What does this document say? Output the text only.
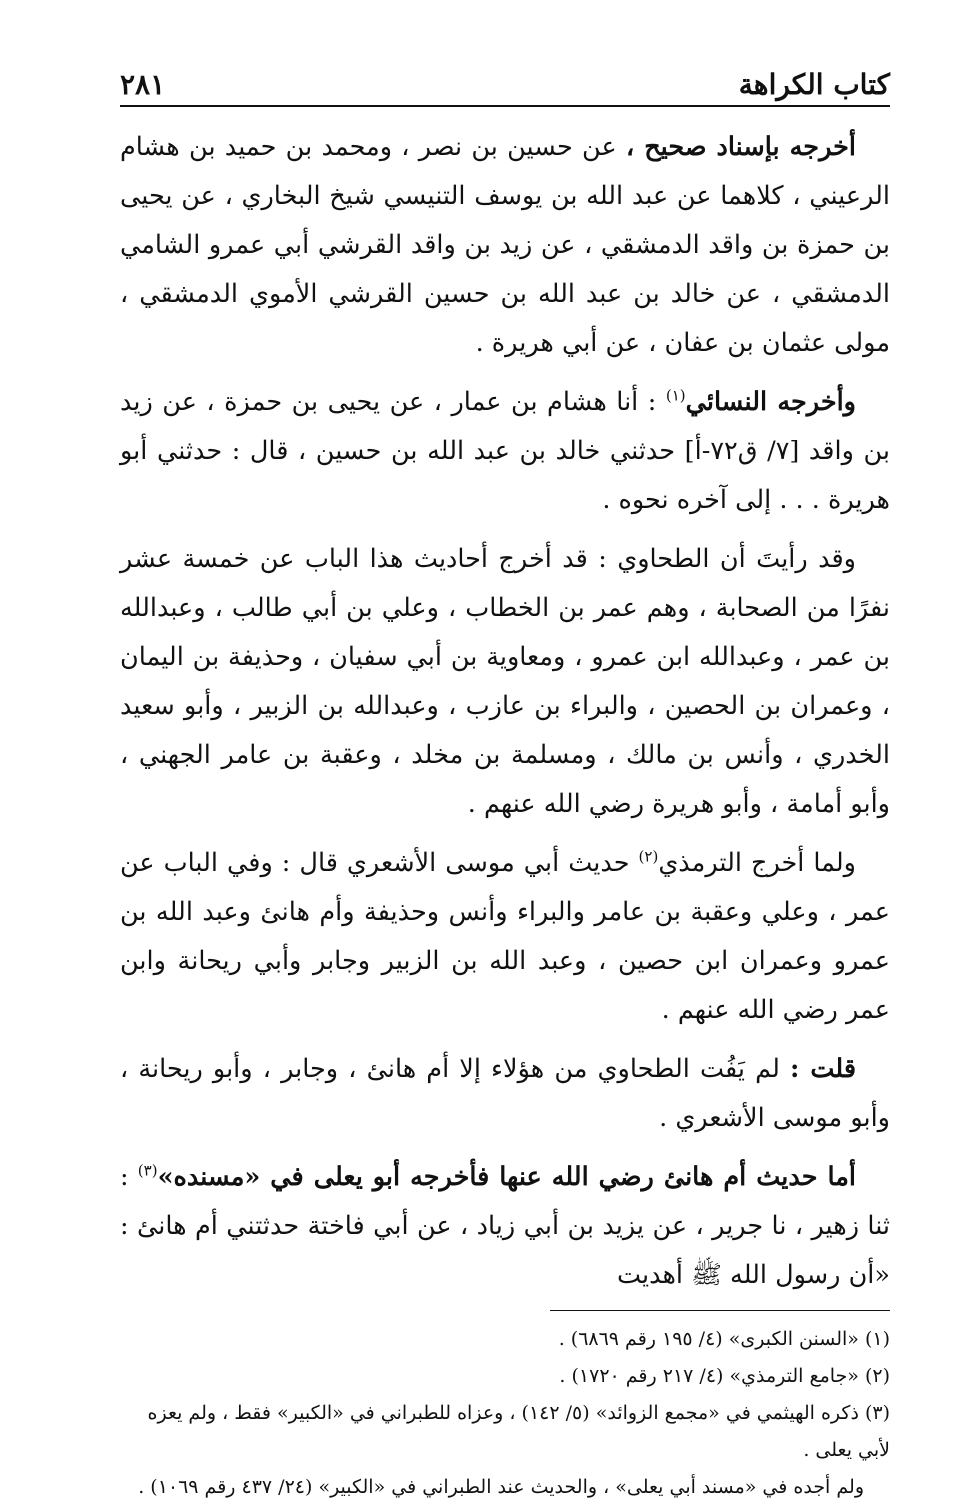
كتاب الكراهة
٢٨١

أخرجه بإسناد صحيح ، عن حسين بن نصر ، ومحمد بن حميد بن هشام الرعيني ، كلاهما عن عبد الله بن يوسف التنيسي شيخ البخاري ، عن يحيى بن حمزة بن واقد الدمشقي ، عن زيد بن واقد القرشي أبي عمرو الشامي الدمشقي ، عن خالد بن عبد الله بن حسين القرشي الأموي الدمشقي ، مولى عثمان بن عفان ، عن أبي هريرة .

وأخرجه النسائي$^{(١)}$ : أنا هشام بن عمار ، عن يحيى بن حمزة ، عن زيد بن واقد [٧/ ق٧٢-أ] حدثني خالد بن عبد الله بن حسين ، قال : حدثني أبو هريرة . . . إلى آخره نحوه .

وقد رأيتَ أن الطحاوي : قد أخرج أحاديث هذا الباب عن خمسة عشر نفرًا من الصحابة ، وهم عمر بن الخطاب ، وعلي بن أبي طالب ، وعبدالله بن عمر ، وعبدالله ابن عمرو ، ومعاوية بن أبي سفيان ، وحذيفة بن اليمان ، وعمران بن الحصين ، والبراء بن عازب ، وعبدالله بن الزبير ، وأبو سعيد الخدري ، وأنس بن مالك ، ومسلمة بن مخلد ، وعقبة بن عامر الجهني ، وأبو أمامة ، وأبو هريرة رضي الله عنهم .

ولما أخرج الترمذي$^{(٢)}$ حديث أبي موسى الأشعري قال : وفي الباب عن عمر ، وعلي وعقبة بن عامر والبراء وأنس وحذيفة وأم هانئ وعبد الله بن عمرو وعمران ابن حصين ، وعبد الله بن الزبير وجابر وأبي ريحانة وابن عمر رضي الله عنهم .

قلت : لم يَفُت الطحاوي من هؤلاء إلا أم هانئ ، وجابر ، وأبو ريحانة ، وأبو موسى الأشعري .

أما حديث أم هانئ رضي الله عنها فأخرجه أبو يعلى في «مسنده»$^{(٣)}$ : ثنا زهير ، نا جرير ، عن يزيد بن أبي زياد ، عن أبي فاختة حدثتني أم هانئ : «أن رسول الله ﷺ أهديت

(١) «السنن الكبرى» (٤/ ١٩٥ رقم ٦٨٦٩) .

(٢) «جامع الترمذي» (٤/ ٢١٧ رقم ١٧٢٠) .

(٣) ذكره الهيثمي في «مجمع الزوائد» (٥/ ١٤٢) ، وعزاه للطبراني في «الكبير» فقط ، ولم يعزه لأبي يعلى .

ولم أجده في «مسند أبي يعلى» ، والحديث عند الطبراني في «الكبير» (٢٤/ ٤٣٧ رقم ١٠٦٩) .
